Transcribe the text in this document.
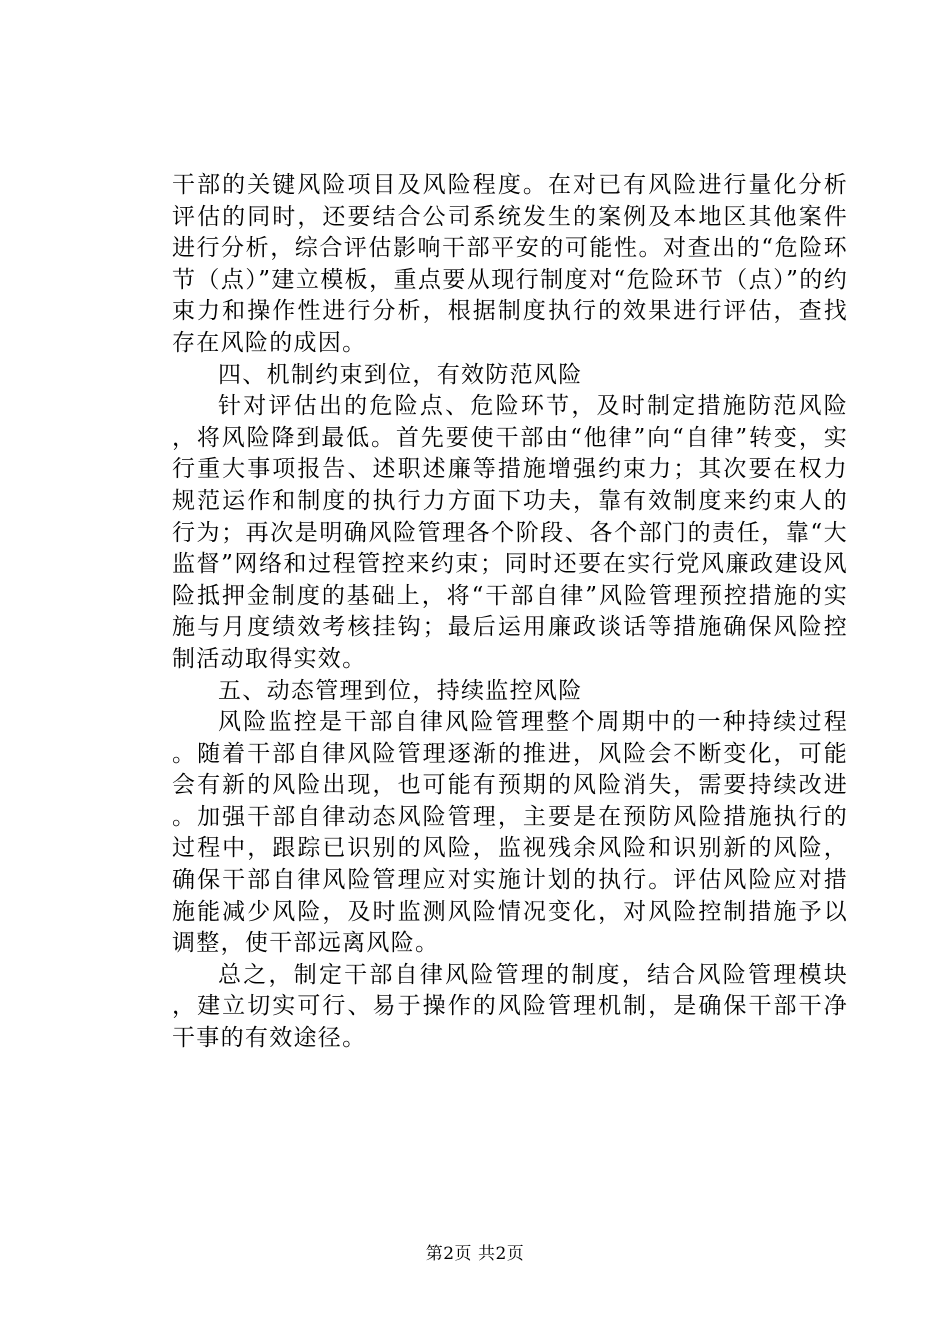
干部的关键风险项目及风险程度。在对已有风险进行量化分析评估的同时，还要结合公司系统发生的案例及本地区其他案件进行分析，综合评估影响干部平安的可能性。对查出的“危险环节（点）”建立模板，重点要从现行制度对“危险环节（点）”的约束力和操作性进行分析，根据制度执行的效果进行评估，查找存在风险的成因。

四、机制约束到位，有效防范风险

针对评估出的危险点、危险环节，及时制定措施防范风险，将风险降到最低。首先要使干部由“他律”向“自律”转变，实行重大事项报告、述职述廉等措施增强约束力；其次要在权力规范运作和制度的执行力方面下功夫，靠有效制度来约束人的行为；再次是明确风险管理各个阶段、各个部门的责任，靠“大监督”网络和过程管控来约束；同时还要在实行党风廉政建设风险抵押金制度的基础上，将“干部自律”风险管理预控措施的实施与月度绩效考核挂钩；最后运用廉政谈话等措施确保风险控制活动取得实效。

五、动态管理到位，持续监控风险

风险监控是干部自律风险管理整个周期中的一种持续过程。随着干部自律风险管理逐渐的推进，风险会不断变化，可能会有新的风险出现，也可能有预期的风险消失，需要持续改进。加强干部自律动态风险管理，主要是在预防风险措施执行的过程中，跟踪已识别的风险，监视残余风险和识别新的风险，确保干部自律风险管理应对实施计划的执行。评估风险应对措施能减少风险，及时监测风险情况变化，对风险控制措施予以调整，使干部远离风险。

总之，制定干部自律风险管理的制度，结合风险管理模块，建立切实可行、易于操作的风险管理机制，是确保干部干净干事的有效途径。

第2页 共2页
